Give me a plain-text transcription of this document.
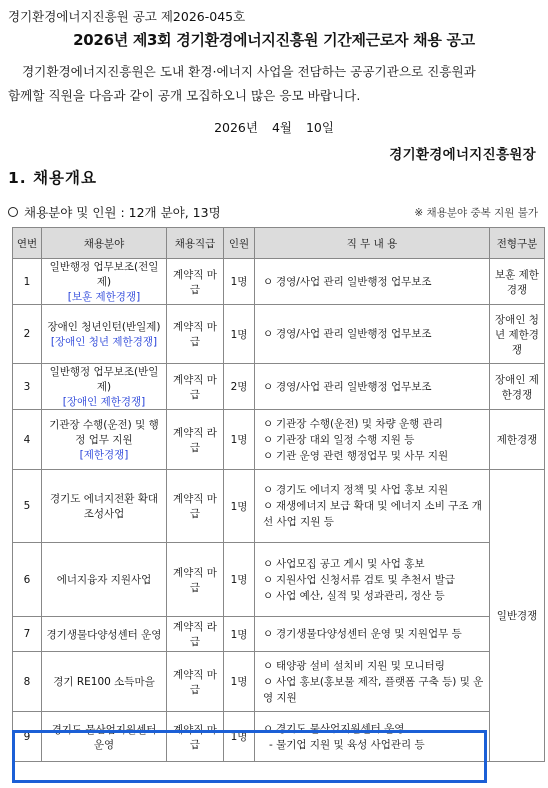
경기환경에너지진흥원 공고 제2026-045호
2026년 제3회 경기환경에너지진흥원 기간제근로자 채용 공고
경기환경에너지진흥원은 도내 환경·에너지 사업을 전담하는 공공기관으로 진흥원과
함께할 직원을 다음과 같이 공개 모집하오니 많은 응모 바랍니다.
2026년 4월 10일
경기환경에너지진흥원장
1. 채용개요
채용분야 및 인원 : 12개 분야, 13명	※ 채용분야 중복 지원 불가
연번	채용분야	채용직급	인원	직 무 내 용	전형구분
1	일반행정 업무보조(전일제)
[보훈 제한경쟁]	계약직 마급	1명	ㅇ 경영/사업 관리 일반행정 업무보조	보훈 제한경쟁
2	장애인 청년인턴(반일제)
[장애인 청년 제한경쟁]	계약직 마급	1명	ㅇ 경영/사업 관리 일반행정 업무보조	장애인 청년 제한경쟁
3	일반행정 업무보조(반일제)
[장애인 제한경쟁]	계약직 마급	2명	ㅇ 경영/사업 관리 일반행정 업무보조	장애인 제한경쟁
4	기관장 수행(운전) 및 행정 업무 지원
[제한경쟁]	계약직 라급	1명	ㅇ 기관장 수행(운전) 및 차량 운행 관리
ㅇ 기관장 대외 일정 수행 지원 등
ㅇ 기관 운영 관련 행정업무 및 사무 지원	제한경쟁
5	경기도 에너지전환 확대 조성사업	계약직 마급	1명	ㅇ 경기도 에너지 정책 및 사업 홍보 지원
ㅇ 재생에너지 보급 확대 및 에너지 소비 구조 개선 사업 지원 등	일반경쟁
6	에너지융자 지원사업	계약직 마급	1명	ㅇ 사업모집 공고 게시 및 사업 홍보
ㅇ 지원사업 신청서류 검토 및 추천서 발급
ㅇ 사업 예산, 실적 및 성과관리, 정산 등	

7	경기생물다양성센터 운영	계약직 라급	1명	ㅇ 경기생물다양성센터 운영 및 지원업무 등	

8	경기 RE100 소득마을	계약직 마급	1명	ㅇ 태양광 설비 설치비 지원 및 모니터링
ㅇ 사업 홍보(홍보물 제작, 플랫폼 구축 등) 및 운영 지원	

9	경기도 물산업지원센터 운영	계약직 마급	1명	ㅇ 경기도 물산업지원센터 운영
- 물기업 지원 및 육성 사업관리 등	
